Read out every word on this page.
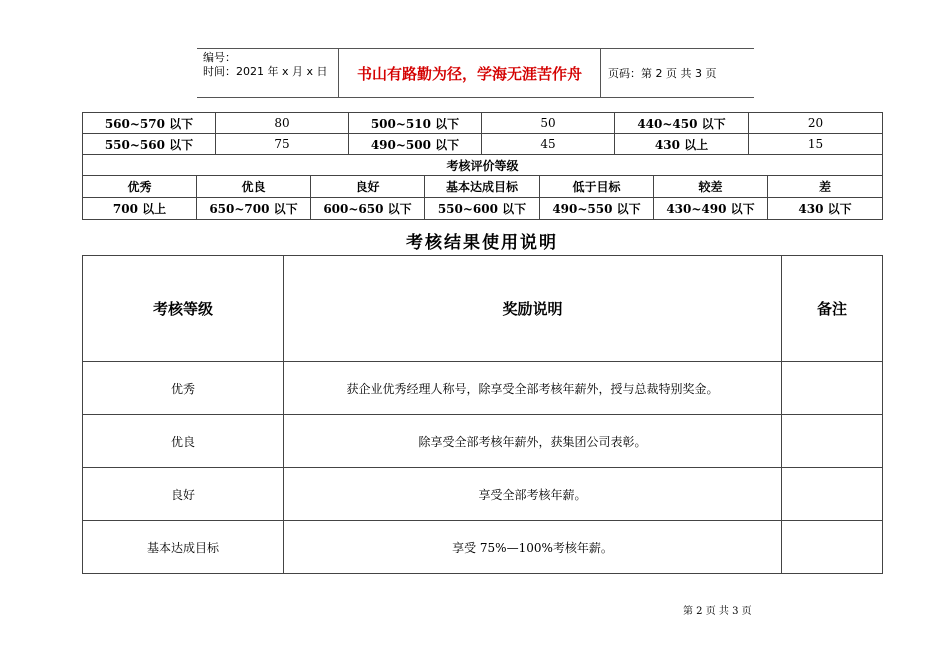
编号：
时间：2021 年 x 月 x 日	书山有路勤为径，学海无涯苦作舟	页码：第 2 页 共 3 页
560~570 以下	80	500~510 以下	50	440~450 以下	20
550~560 以下	75	490~500 以下	45	430 以上	15
考核评价等级					
优秀	优良	良好	基本达成目标	低于目标	较差	差
700 以上	650~700 以下	600~650 以下	550~600 以下	490~550 以下	430~490 以下	430 以下
考核结果使用说明
考核等级	奖励说明	备注
优秀	获企业优秀经理人称号，除享受全部考核年薪外，授与总裁特别奖金。	
优良	除享受全部考核年薪外，获集团公司表彰。	
良好	享受全部考核年薪。	
基本达成目标	享受 75%—100%考核年薪。	
第 2 页 共 3 页
